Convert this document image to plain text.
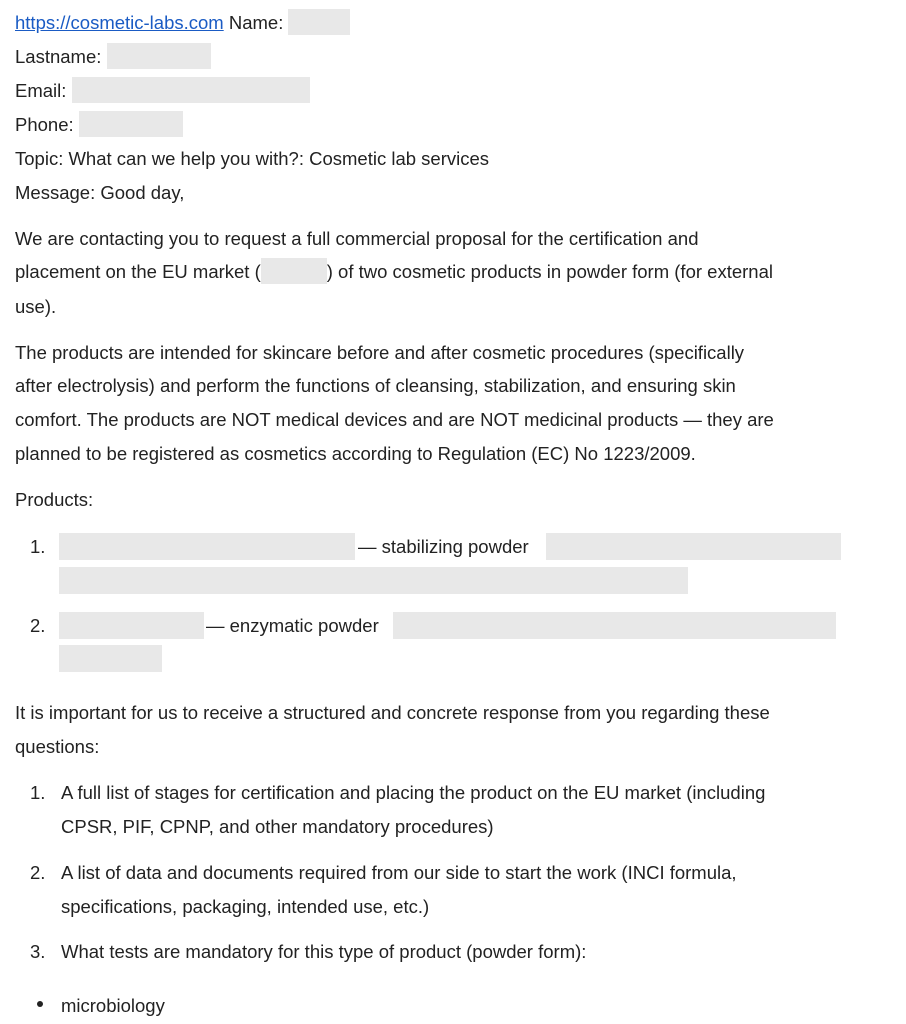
https://cosmetic-labs.com Name:
Lastname:
Email:
Phone:
Topic: What can we help you with?: Cosmetic lab services
Message: Good day,
We are contacting you to request a full commercial proposal for the certification and
placement on the EU market (	) of two cosmetic products in powder form (for external
use).
The products are intended for skincare before and after cosmetic procedures (specifically
after electrolysis) and perform the functions of cleansing, stabilization, and ensuring skin
comfort. The products are NOT medical devices and are NOT medicinal products — they are
planned to be registered as cosmetics according to Regulation (EC) No 1223/2009.
Products:
1.	— stabilizing powder
2.	— enzymatic powder
It is important for us to receive a structured and concrete response from you regarding these
questions:
1. A full list of stages for certification and placing the product on the EU market (including
CPSR, PIF, CPNP, and other mandatory procedures)
2. A list of data and documents required from our side to start the work (INCI formula,
specifications, packaging, intended use, etc.)
3. What tests are mandatory for this type of product (powder form):
microbiology
